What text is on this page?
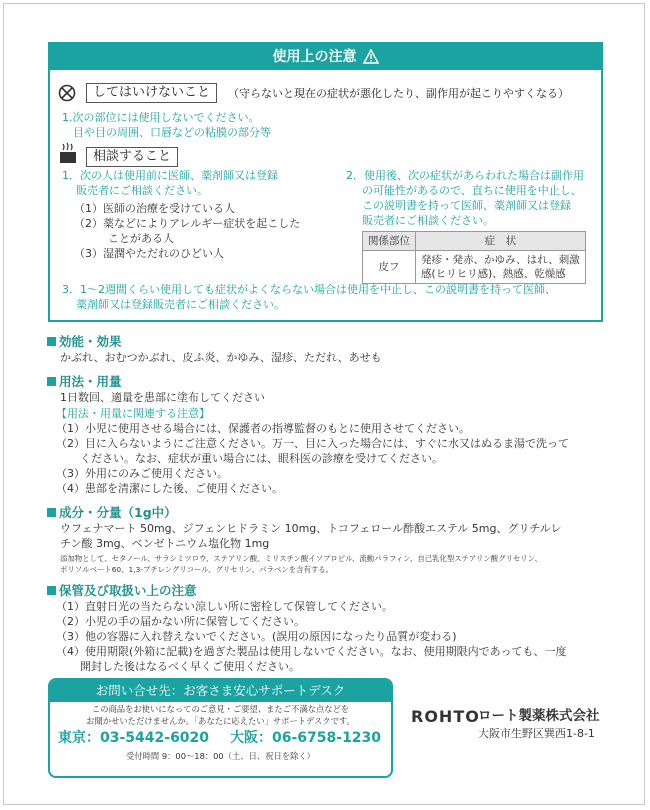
使用上の注意
してはいけないこと	（守らないと現在の症状が悪化したり、副作用が起こりやすくなる）
1.次の部位には使用しないでください。
目や目の周囲、口唇などの粘膜の部分等
相談すること
1．次の人は使用前に医師、薬剤師又は登録
販売者にご相談ください。
（1）医師の治療を受けている人
（2）薬などによりアレルギー症状を起こした
ことがある人
（3）湿潤やただれのひどい人
2．使用後、次の症状があらわれた場合は副作用
の可能性があるので、直ちに使用を中止し、
この説明書を持って医師、薬剤師又は登録
販売者にご相談ください。
関係部位	症　状
皮フ	発疹・発赤、かゆみ、はれ、刺激
感(ヒリヒリ感)、熱感、乾燥感
3．1～2週間くらい使用しても症状がよくならない場合は使用を中止し、この説明書を持って医師、
薬剤師又は登録販売者にご相談ください。
効能・効果
かぶれ、おむつかぶれ、皮ふ炎、かゆみ、湿疹、ただれ、あせも
用法・用量
1日数回、適量を患部に塗布してください
【用法・用量に関連する注意】
（1）小児に使用させる場合には、保護者の指導監督のもとに使用させてください。
（2）目に入らないようにご注意ください。万一、目に入った場合には、すぐに水又はぬるま湯で洗って
ください。なお、症状が重い場合には、眼科医の診療を受けてください。
（3）外用にのみご使用ください。
（4）患部を清潔にした後、ご使用ください。
成分・分量（1g中）
ウフェナマート 50mg、ジフェンヒドラミン 10mg、トコフェロール酢酸エステル 5mg、グリチルレ
チン酸 3mg、ベンゼトニウム塩化物 1mg
添加物として、セタノール、サラシミツロウ、ステアリン酸、ミリスチン酸イソプロピル、流動パラフィン、自己乳化型ステアリン酸グリセリン、
ポリソルベート60、1,3-ブチレングリコール、グリセリン、パラベンを含有する。
保管及び取扱い上の注意
（1）直射日光の当たらない涼しい所に密栓して保管してください。
（2）小児の手の届かない所に保管してください。
（3）他の容器に入れ替えないでください。(誤用の原因になったり品質が変わる)
（4）使用期限(外箱に記載)を過ぎた製品は使用しないでください。なお、使用期限内であっても、一度
開封した後はなるべく早くご使用ください。
お問い合せ先：お客さま安心サポートデスク
この商品をお使いになってのご意見・ご要望、またご不満な点などを
お聞かせいただけませんか。「あなたに応えたい」サポートデスクです。
東京：03-5442-6020 大阪：06-6758-1230
受付時間 9：00～18：00（土、日、祝日を除く）
ROHTO
ロート製薬株式会社
大阪市生野区巽西1-8-1
